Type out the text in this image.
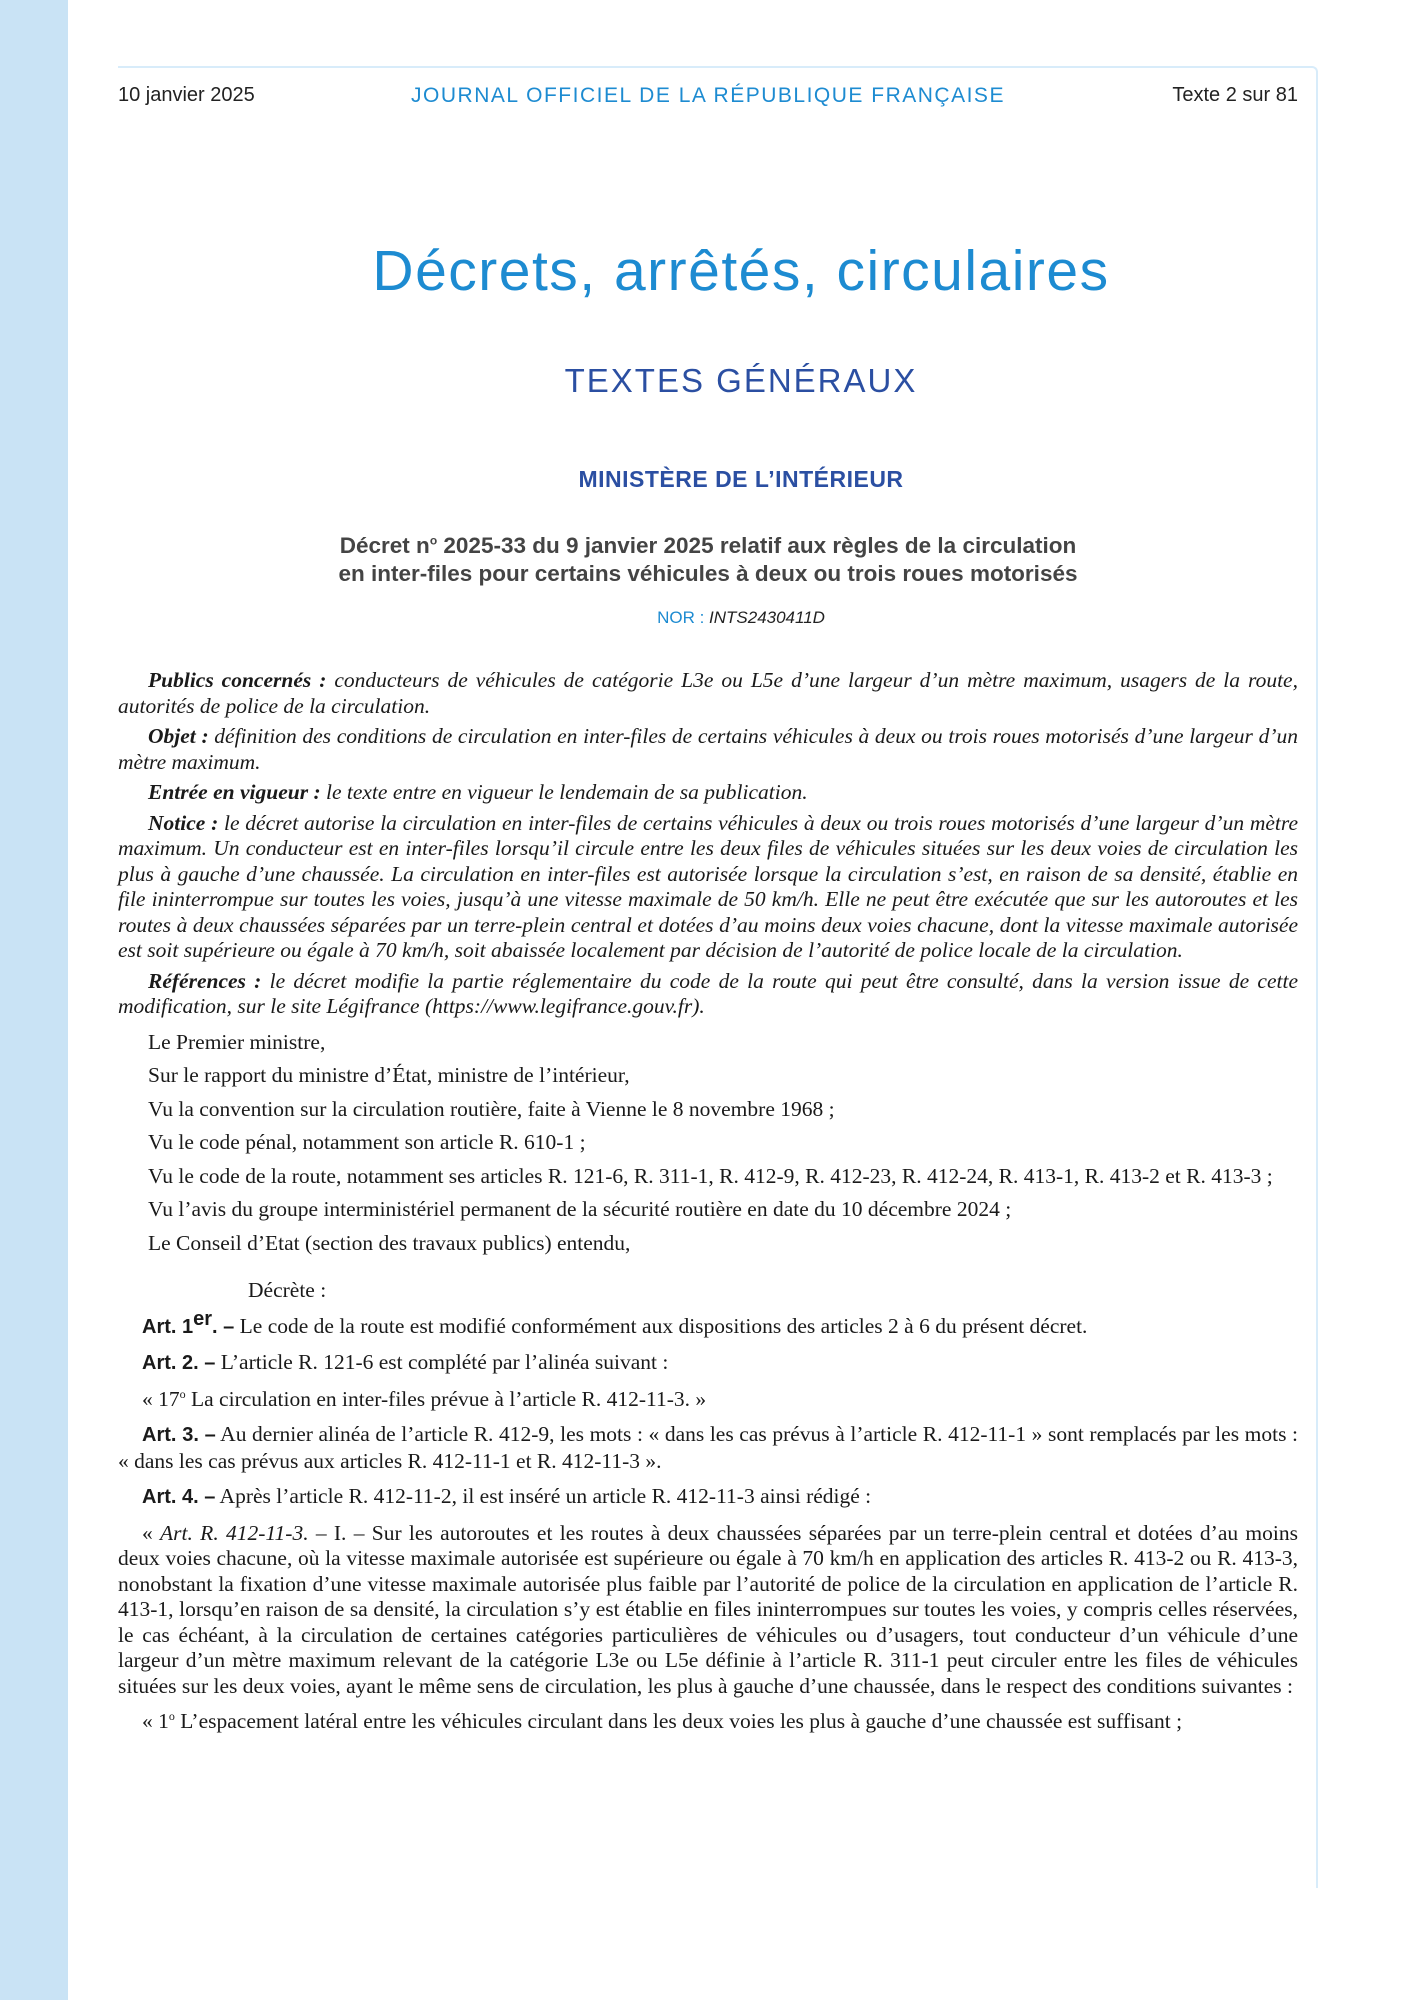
10 janvier 2025	JOURNAL OFFICIEL DE LA RÉPUBLIQUE FRANÇAISE	Texte 2 sur 81
Décrets, arrêtés, circulaires
TEXTES GÉNÉRAUX
MINISTÈRE DE L’INTÉRIEUR
Décret $n^o$ 2025-33 du 9 janvier 2025 relatif aux règles de la circulation
en inter-files pour certains véhicules à deux ou trois roues motorisés
NOR : INTS2430411D

Publics concernés : conducteurs de véhicules de catégorie L3e ou L5e d’une largeur d’un mètre maximum, usagers de la route, autorités de police de la circulation.

Objet : définition des conditions de circulation en inter-files de certains véhicules à deux ou trois roues motorisés d’une largeur d’un mètre maximum.

Entrée en vigueur : le texte entre en vigueur le lendemain de sa publication.

Notice : le décret autorise la circulation en inter-files de certains véhicules à deux ou trois roues motorisés d’une largeur d’un mètre maximum. Un conducteur est en inter-files lorsqu’il circule entre les deux files de véhicules situées sur les deux voies de circulation les plus à gauche d’une chaussée. La circulation en inter-files est autorisée lorsque la circulation s’est, en raison de sa densité, établie en file ininterrompue sur toutes les voies, jusqu’à une vitesse maximale de 50 km/h. Elle ne peut être exécutée que sur les autoroutes et les routes à deux chaussées séparées par un terre-plein central et dotées d’au moins deux voies chacune, dont la vitesse maximale autorisée est soit supérieure ou égale à 70 km/h, soit abaissée localement par décision de l’autorité de police locale de la circulation.

Références : le décret modifie la partie réglementaire du code de la route qui peut être consulté, dans la version issue de cette modification, sur le site Légifrance (https://www.legifrance.gouv.fr).

Le Premier ministre,

Sur le rapport du ministre d’État, ministre de l’intérieur,

Vu la convention sur la circulation routière, faite à Vienne le 8 novembre 1968 ;

Vu le code pénal, notamment son article R. 610-1 ;

Vu le code de la route, notamment ses articles R. 121-6, R. 311-1, R. 412-9, R. 412-23, R. 412-24, R. 413-1, R. 413-2 et R. 413-3 ;

Vu l’avis du groupe interministériel permanent de la sécurité routière en date du 10 décembre 2024 ;

Le Conseil d’Etat (section des travaux publics) entendu,

Décrète :

Art. 1er. – Le code de la route est modifié conformément aux dispositions des articles 2 à 6 du présent décret.

Art. 2. – L’article R. 121-6 est complété par l’alinéa suivant :

« 17$^o$ La circulation en inter-files prévue à l’article R. 412-11-3. »

Art. 3. – Au dernier alinéa de l’article R. 412-9, les mots : « dans les cas prévus à l’article R. 412-11-1 » sont remplacés par les mots : « dans les cas prévus aux articles R. 412-11-1 et R. 412-11-3 ».

Art. 4. – Après l’article R. 412-11-2, il est inséré un article R. 412-11-3 ainsi rédigé :

« Art. R. 412-11-3. – I. – Sur les autoroutes et les routes à deux chaussées séparées par un terre-plein central et dotées d’au moins deux voies chacune, où la vitesse maximale autorisée est supérieure ou égale à 70 km/h en application des articles R. 413-2 ou R. 413-3, nonobstant la fixation d’une vitesse maximale autorisée plus faible par l’autorité de police de la circulation en application de l’article R. 413-1, lorsqu’en raison de sa densité, la circulation s’y est établie en files ininterrompues sur toutes les voies, y compris celles réservées, le cas échéant, à la circulation de certaines catégories particulières de véhicules ou d’usagers, tout conducteur d’un véhicule d’une largeur d’un mètre maximum relevant de la catégorie L3e ou L5e définie à l’article R. 311-1 peut circuler entre les files de véhicules situées sur les deux voies, ayant le même sens de circulation, les plus à gauche d’une chaussée, dans le respect des conditions suivantes :

« 1$^o$ L’espacement latéral entre les véhicules circulant dans les deux voies les plus à gauche d’une chaussée est suffisant ;
